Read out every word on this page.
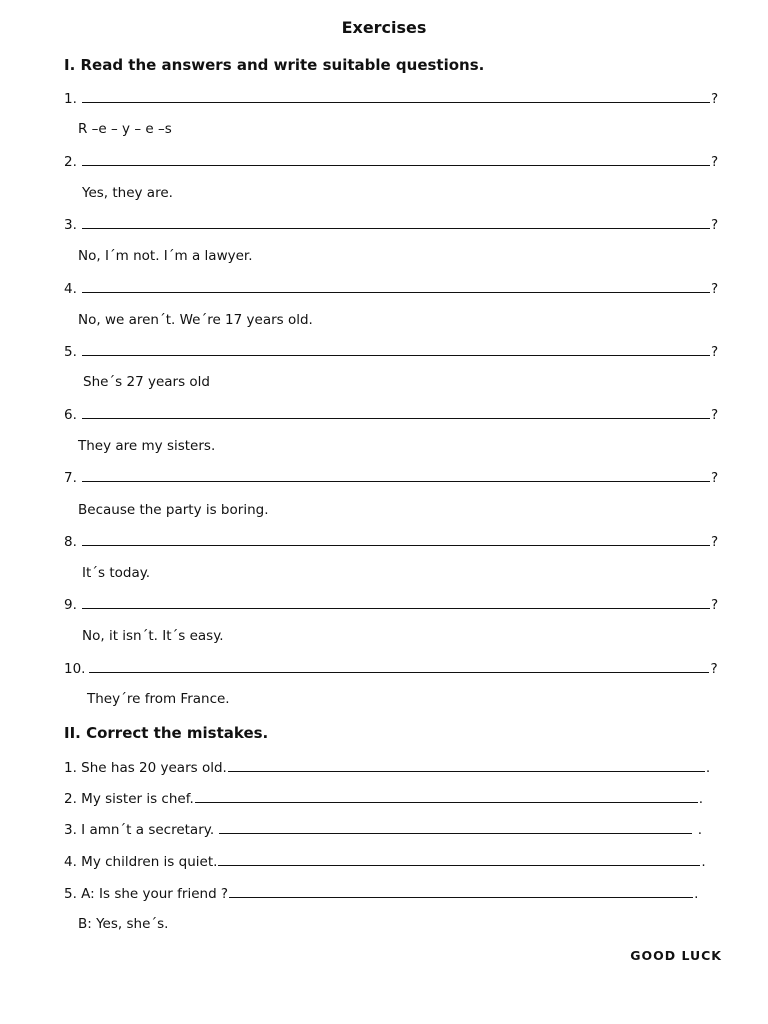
Exercises
I. Read the answers and write suitable questions.
1.	?
R –e – y – e –s
2.	?
Yes, they are.
3.	?
No, I´m not. I´m a lawyer.
4.	?
No, we aren´t. We´re 17 years old.
5.	?
She´s 27 years old
6.	?
They are my sisters.
7.	?
Because the party is boring.
8.	?
It´s today.
9.	?
No, it isn´t. It´s easy.
10.	?
They´re from France.
II. Correct the mistakes.
1. She has 20 years old.	.
2. My sister is chef.	.
3. I amn´t a secretary.	.
4. My children is quiet.	.
5. A: Is she your friend ?	.
B: Yes, she´s.
GOOD LUCK
